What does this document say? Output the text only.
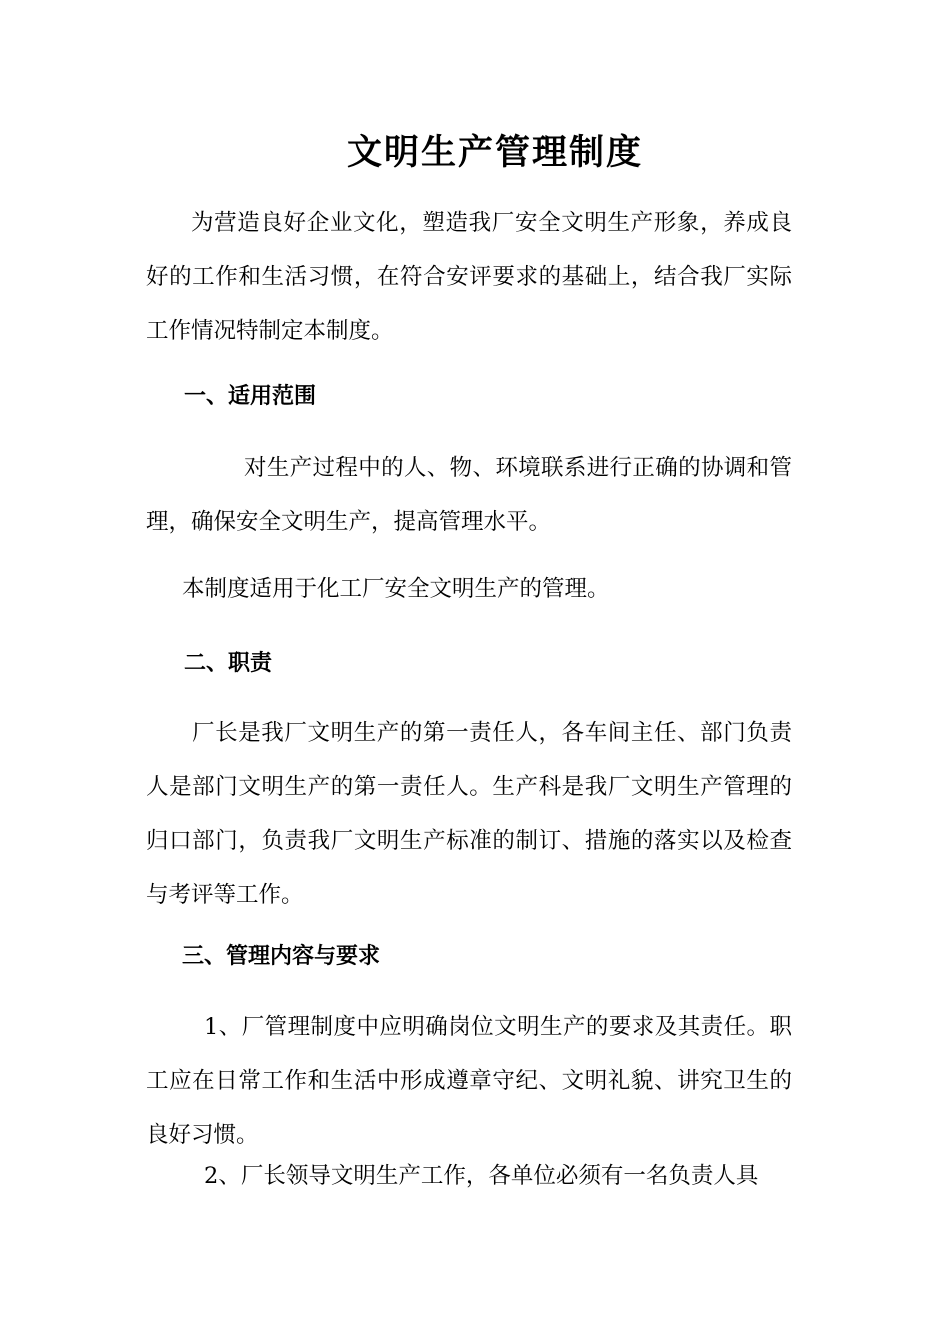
文明生产管理制度
为营造良好企业文化，塑造我厂安全文明生产形象，养成良好的工作和生活习惯，在符合安评要求的基础上，结合我厂实际工作情况特制定本制度。
一、适用范围
对生产过程中的人、物、环境联系进行正确的协调和管理，确保安全文明生产，提高管理水平。
本制度适用于化工厂安全文明生产的管理。
二、职责
厂长是我厂文明生产的第一责任人，各车间主任、部门负责人是部门文明生产的第一责任人。生产科是我厂文明生产管理的归口部门，负责我厂文明生产标准的制订、措施的落实以及检查与考评等工作。
三、管理内容与要求
1、厂管理制度中应明确岗位文明生产的要求及其责任。职工应在日常工作和生活中形成遵章守纪、文明礼貌、讲究卫生的良好习惯。
2、厂长领导文明生产工作，各单位必须有一名负责人具
